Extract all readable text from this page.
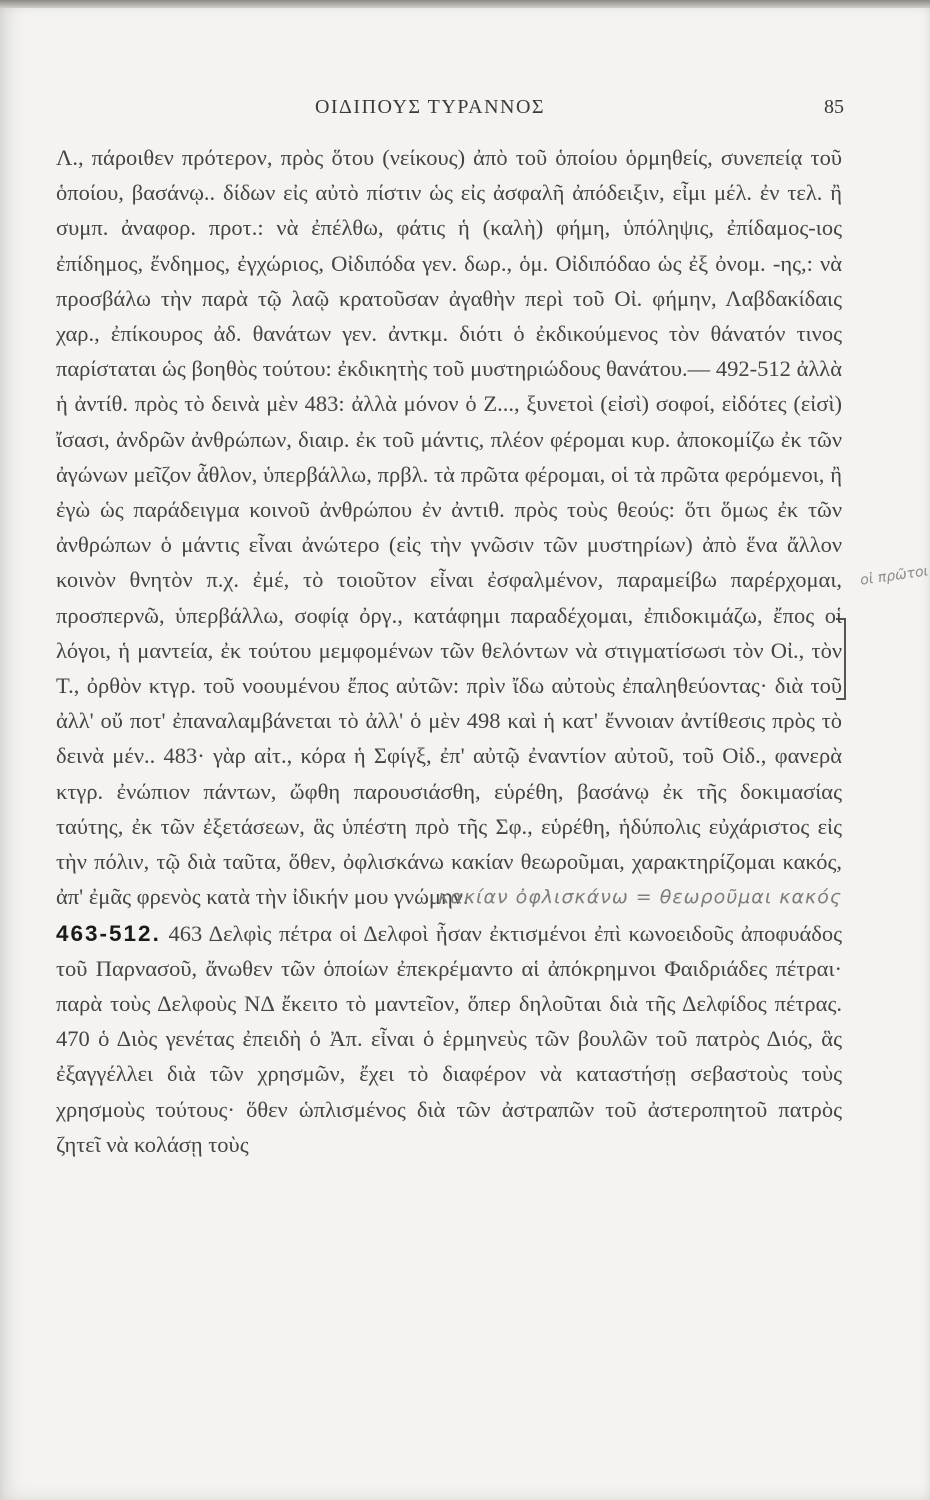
ΟΙΔΙΠΟΥΣ ΤΥΡΑΝΝΟΣ	85
οἱ πρῶτοι

Λ., πάροιθεν πρότερον, πρὸς ὅτου (νείκους) ἀπὸ τοῦ ὁποίου ὁρμηθείς, συνεπείᾳ τοῦ ὁποίου, βασάνῳ.. δίδων εἰς αὐτὸ πίστιν ὡς εἰς ἀσφαλῆ ἀπόδειξιν, εἶμι μέλ. ἐν τελ. ἢ συμπ. ἀναφορ. προτ.: νὰ ἐπέλθω, φάτις ἡ (καλὴ) φήμη, ὑπόληψις, ἐπίδαμος-ιος ἐπίδημος, ἔνδημος, ἐγχώριος, Οἰδιπόδα γεν. δωρ., ὁμ. Οἰδιπόδαο ὡς ἐξ ὀνομ. -ης,: νὰ προσβάλω τὴν παρὰ τῷ λαῷ κρατοῦσαν ἀγαθὴν περὶ τοῦ Οἰ. φήμην, Λαβδακίδαις χαρ., ἐπίκουρος ἀδ. θανάτων γεν. ἀντκμ. διότι ὁ ἐκδικούμενος τὸν θάνατόν τινος παρίσταται ὡς βοηθὸς τούτου: ἐκδικητὴς τοῦ μυστηριώδους θανάτου.— 492-512 ἀλλὰ ἡ ἀντίθ. πρὸς τὸ δεινὰ μὲν 483: ἀλλὰ μόνον ὁ Ζ..., ξυνετοὶ (εἰσὶ) σοφοί, εἰδότες (εἰσὶ) ἴσασι, ἀνδρῶν ἀνθρώπων, διαιρ. ἐκ τοῦ μάντις, πλέον φέρομαι κυρ. ἀποκομίζω ἐκ τῶν ἀγώνων μεῖζον ἆθλον, ὑπερβάλλω, πρβλ. τὰ πρῶτα φέρομαι, οἱ τὰ πρῶτα φερόμενοι, ἢ ἐγὼ ὡς παράδειγμα κοινοῦ ἀνθρώπου ἐν ἀντιθ. πρὸς τοὺς θεούς: ὅτι ὅμως ἐκ τῶν ἀνθρώπων ὁ μάντις εἶναι ἀνώτερο (εἰς τὴν γνῶσιν τῶν μυστηρίων) ἀπὸ ἕνα ἄλλον κοινὸν θνητὸν π.χ. ἐμέ, τὸ τοιοῦτον εἶναι ἐσφαλμένον, παραμείβω παρέρχομαι, προσπερνῶ, ὑπερβάλλω, σοφίᾳ ὀργ., κατάφημι παραδέχομαι, ἐπιδοκιμάζω, ἔπος οἱ λόγοι, ἡ μαντεία, ἐκ τούτου μεμφομένων τῶν θελόντων νὰ στιγματίσωσι τὸν Οἰ., τὸν Τ., ὀρθὸν κτγρ. τοῦ νοουμένου ἔπος αὐτῶν: πρὶν ἴδω αὐτοὺς ἐπαληθεύοντας· διὰ τοῦ ἀλλ' οὔ ποτ' ἐπαναλαμβάνεται τὸ ἀλλ' ὁ μὲν 498 καὶ ἡ κατ' ἔννοιαν ἀντίθεσις πρὸς τὸ δεινὰ μέν.. 483· γὰρ αἰτ., κόρα ἡ Σφίγξ, ἐπ' αὐτῷ ἐναντίον αὐτοῦ, τοῦ Οἰδ., φανερὰ κτγρ. ἐνώπιον πάντων, ὤφθη παρουσιάσθη, εὑρέθη, βασάνῳ ἐκ τῆς δοκιμασίας ταύτης, ἐκ τῶν ἐξετάσεων, ἃς ὑπέστη πρὸ τῆς Σφ., εὑρέθη, ἡδύπολις εὐχάριστος εἰς τὴν πόλιν, τῷ διὰ ταῦτα, ὅθεν, ὀφλισκάνω κακίαν θεωροῦμαι, χαρακτηρίζομαι κακός, ἀπ' ἐμᾶς φρενὸς κατὰ τὴν ἰδικήν μου γνώμην.

κακίαν ὀφλισκάνω = θεωροῦμαι κακός

463-512. 463 Δελφὶς πέτρα οἱ Δελφοὶ ἦσαν ἐκτισμένοι ἐπὶ κωνοειδοῦς ἀποφυάδος τοῦ Παρνασοῦ, ἄνωθεν τῶν ὁποίων ἐπεκρέμαντο αἱ ἀπόκρημνοι Φαιδριάδες πέτραι· παρὰ τοὺς Δελφοὺς ΝΔ ἔκειτο τὸ μαντεῖον, ὅπερ δηλοῦται διὰ τῆς Δελφίδος πέτρας. 470 ὁ Διὸς γενέτας ἐπειδὴ ὁ Ἀπ. εἶναι ὁ ἑρμηνεὺς τῶν βουλῶν τοῦ πατρὸς Διός, ἃς ἐξαγγέλλει διὰ τῶν χρησμῶν, ἔχει τὸ διαφέρον νὰ καταστήσῃ σεβαστοὺς τοὺς χρησμοὺς τούτους· ὅθεν ὡπλισμένος διὰ τῶν ἀστραπῶν τοῦ ἀστεροπητοῦ πατρὸς ζητεῖ νὰ κολάσῃ τοὺς
